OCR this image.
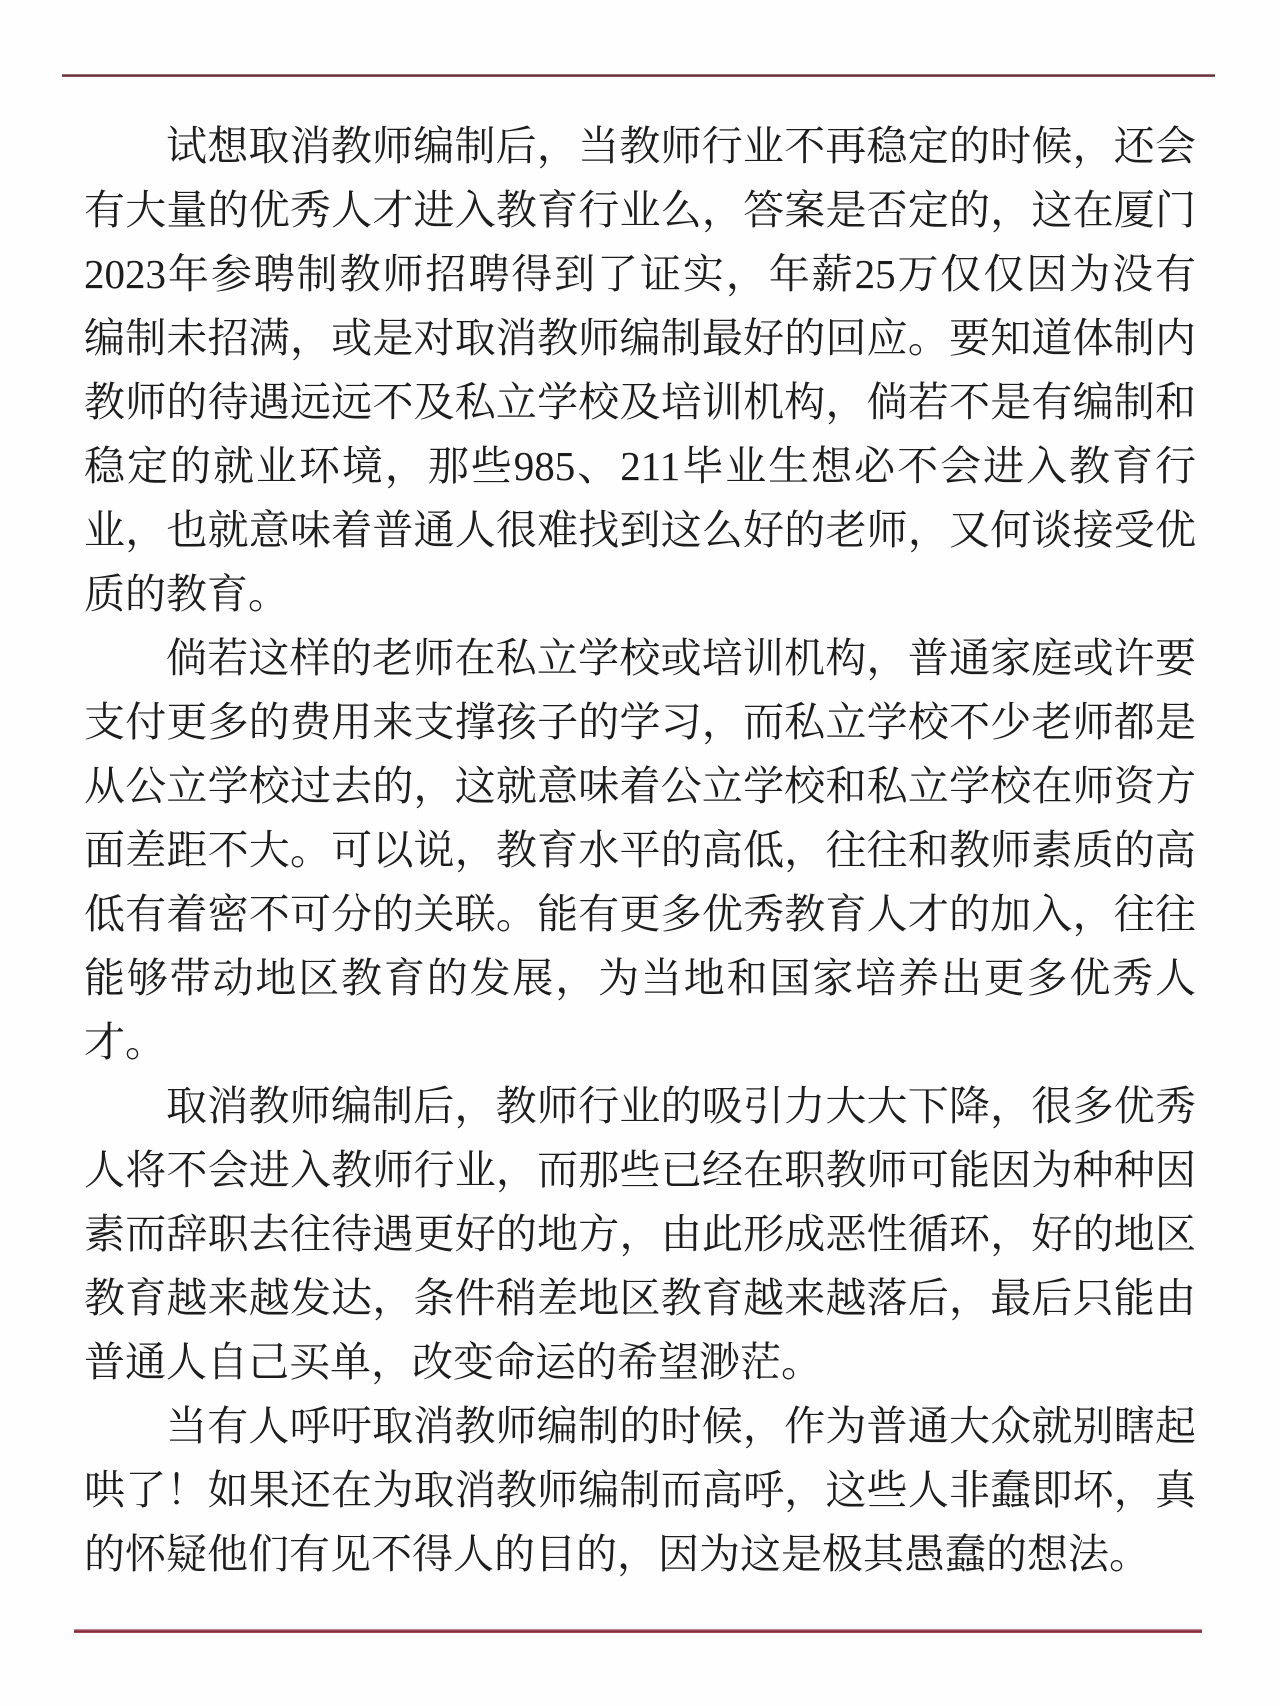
试想取消教师编制后，当教师行业不再稳定的时候，还会
有大量的优秀人才进入教育行业么，答案是否定的，这在厦门
2023年参聘制教师招聘得到了证实，年薪25万仅仅因为没有
编制未招满，或是对取消教师编制最好的回应。要知道体制内
教师的待遇远远不及私立学校及培训机构，倘若不是有编制和
稳定的就业环境，那些985、211毕业生想必不会进入教育行
业，也就意味着普通人很难找到这么好的老师，又何谈接受优
质的教育。
倘若这样的老师在私立学校或培训机构，普通家庭或许要
支付更多的费用来支撑孩子的学习，而私立学校不少老师都是
从公立学校过去的，这就意味着公立学校和私立学校在师资方
面差距不大。可以说，教育水平的高低，往往和教师素质的高
低有着密不可分的关联。能有更多优秀教育人才的加入，往往
能够带动地区教育的发展，为当地和国家培养出更多优秀人
才。
取消教师编制后，教师行业的吸引力大大下降，很多优秀
人将不会进入教师行业，而那些已经在职教师可能因为种种因
素而辞职去往待遇更好的地方，由此形成恶性循环，好的地区
教育越来越发达，条件稍差地区教育越来越落后，最后只能由
普通人自己买单，改变命运的希望渺茫。
当有人呼吁取消教师编制的时候，作为普通大众就别瞎起
哄了！如果还在为取消教师编制而高呼，这些人非蠢即坏，真
的怀疑他们有见不得人的目的，因为这是极其愚蠢的想法。
